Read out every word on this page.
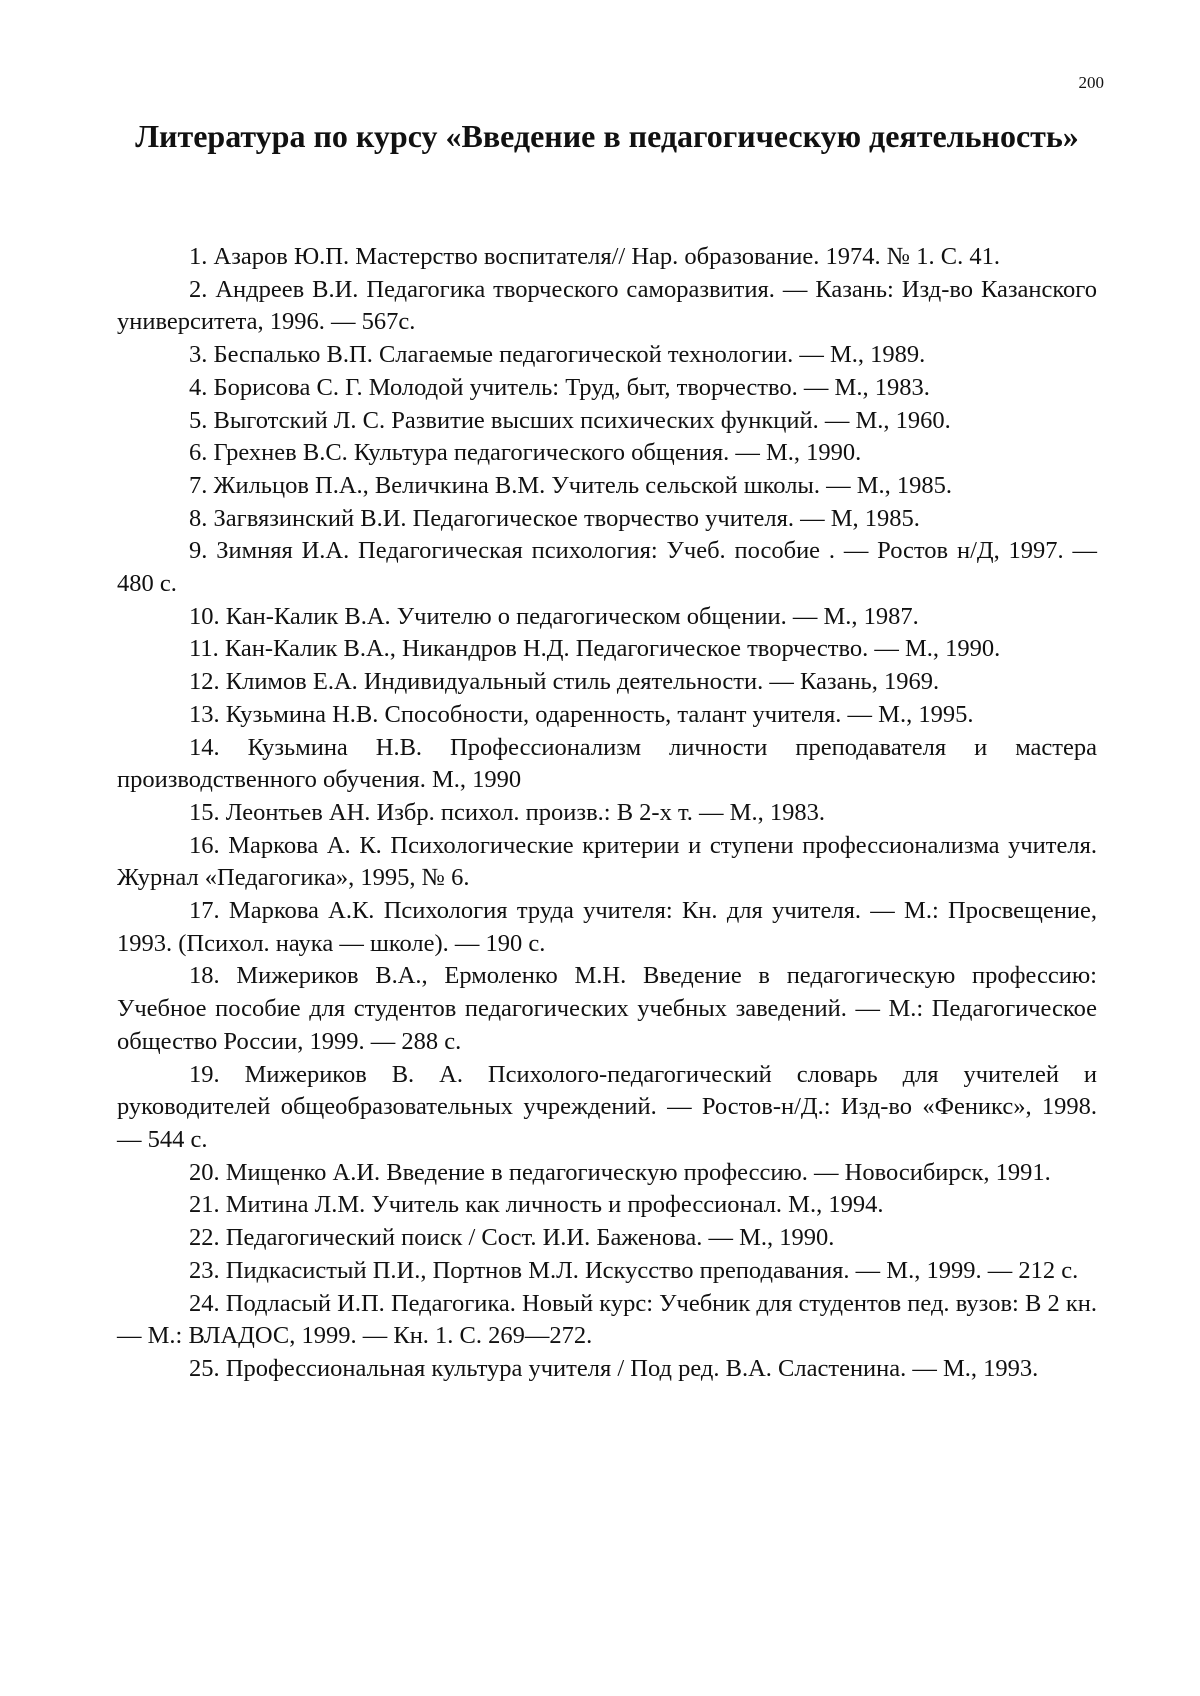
200
Литература по курсу «Введение в педагогическую деятельность»
1. Азаров Ю.П. Мастерство воспитателя// Нар. образование. 1974. № 1. С. 41.
2. Андреев В.И. Педагогика творческого саморазвития. — Казань: Изд-во Казанского университета, 1996. — 567с.
3. Беспалько В.П. Слагаемые педагогической технологии. — М., 1989.
4. Борисова С. Г. Молодой учитель: Труд, быт, творчество. — М., 1983.
5. Выготский Л. С. Развитие высших психических функций. — М., 1960.
6. Грехнев В.С. Культура педагогического общения. — М., 1990.
7. Жильцов П.А., Величкина В.М. Учитель сельской школы. — М., 1985.
8. Загвязинский В.И. Педагогическое творчество учителя. — М, 1985.
9. Зимняя И.А. Педагогическая психология: Учеб. пособие . — Ростов н/Д, 1997. — 480 с.
10. Кан-Калик В.А. Учителю о педагогическом общении. — М., 1987.
11. Кан-Калик В.А., Никандров Н.Д. Педагогическое творчество. — М., 1990.
12. Климов Е.А. Индивидуальный стиль деятельности. — Казань, 1969.
13. Кузьмина Н.В. Способности, одаренность, талант учителя. — М., 1995.
14. Кузьмина Н.В. Профессионализм личности преподавателя и мастера производственного обучения. М., 1990
15. Леонтьев АН. Избр. психол. произв.: В 2-х т. — М., 1983.
16. Маркова А. К. Психологические критерии и ступени профессионализма учителя. Журнал «Педагогика», 1995, № 6.
17. Маркова А.К. Психология труда учителя: Кн. для учителя. — М.: Просвещение, 1993. (Психол. наука — школе). — 190 с.
18. Мижериков В.А., Ермоленко М.Н. Введение в педагогическую профессию: Учебное пособие для студентов педагогических учебных заведений. — М.: Педагогическое общество России, 1999. — 288 с.
19. Мижериков В. А. Психолого-педагогический словарь для учителей и руководителей общеобразовательных учреждений. — Ростов-н/Д.: Изд-во «Феникс», 1998. — 544 с.
20. Мищенко А.И. Введение в педагогическую профессию. — Новосибирск, 1991.
21. Митина Л.М. Учитель как личность и профессионал. М., 1994.
22. Педагогический поиск / Сост. И.И. Баженова. — М., 1990.
23. Пидкасистый П.И., Портнов М.Л. Искусство преподавания. — М., 1999. — 212 с.
24. Подласый И.П. Педагогика. Новый курс: Учебник для студентов пед. вузов: В 2 кн. — М.: ВЛАДОС, 1999. — Кн. 1. С. 269—272.
25. Профессиональная культура учителя / Под ред. В.А. Сластенина. — М., 1993.
